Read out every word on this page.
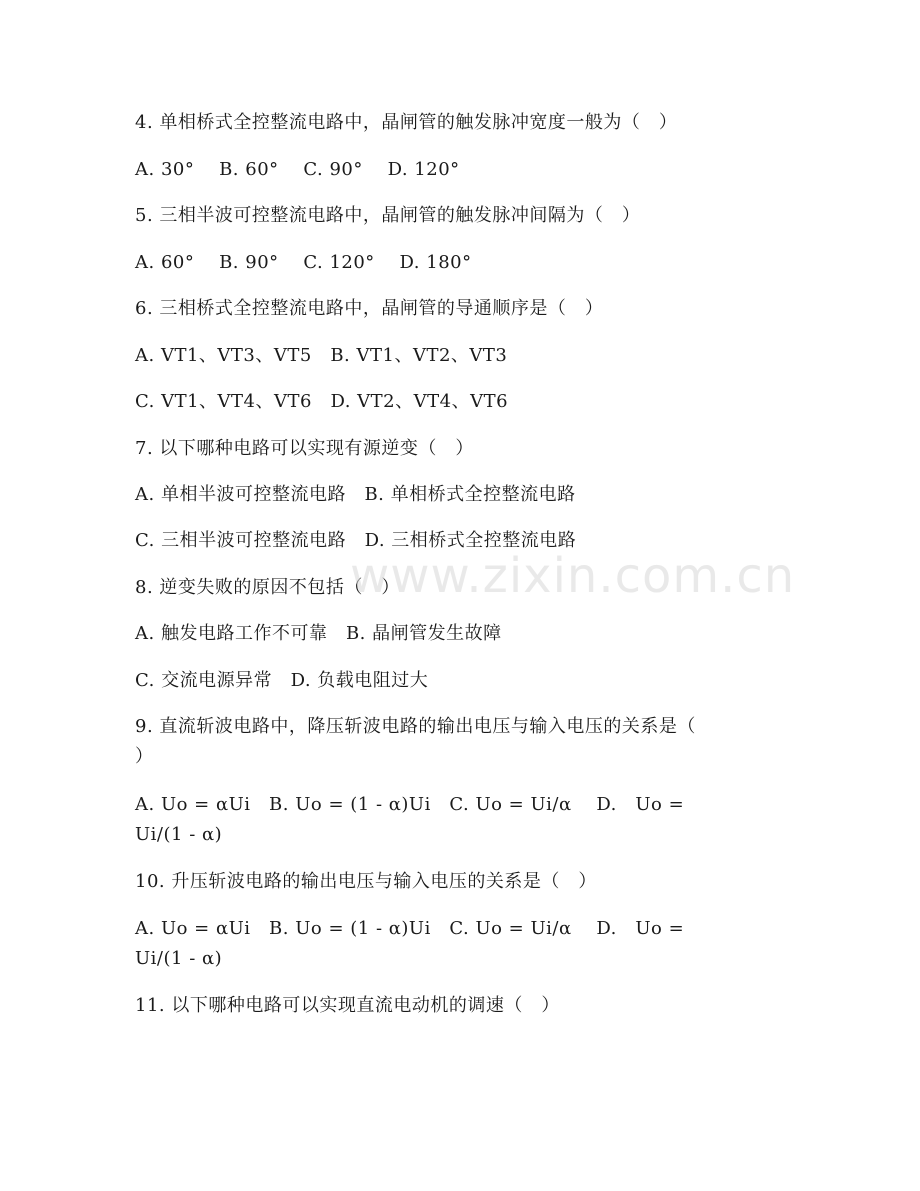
4. 单相桥式全控整流电路中，晶闸管的触发脉冲宽度一般为（　）
A. 30°　 B. 60°　 C. 90°　 D. 120°
5. 三相半波可控整流电路中，晶闸管的触发脉冲间隔为（　）
A. 60°　 B. 90°　 C. 120°　 D. 180°
6. 三相桥式全控整流电路中，晶闸管的导通顺序是（　）
A. VT1、VT3、VT5　B. VT1、VT2、VT3
C. VT1、VT4、VT6　D. VT2、VT4、VT6
7. 以下哪种电路可以实现有源逆变（　）
A. 单相半波可控整流电路　B. 单相桥式全控整流电路
C. 三相半波可控整流电路　D. 三相桥式全控整流电路
8. 逆变失败的原因不包括（　）
A. 触发电路工作不可靠　B. 晶闸管发生故障
C. 交流电源异常　D. 负载电阻过大
9. 直流斩波电路中，降压斩波电路的输出电压与输入电压的关系是（
）
A. Uo = αUi　B. Uo = (1 - α)Ui　C. Uo = Ui/α　 D.　Uo =
Ui/(1 - α)
10. 升压斩波电路的输出电压与输入电压的关系是（　）
A. Uo = αUi　B. Uo = (1 - α)Ui　C. Uo = Ui/α　 D.　Uo =
Ui/(1 - α)
11. 以下哪种电路可以实现直流电动机的调速（　）
www.zixin.com.cn
